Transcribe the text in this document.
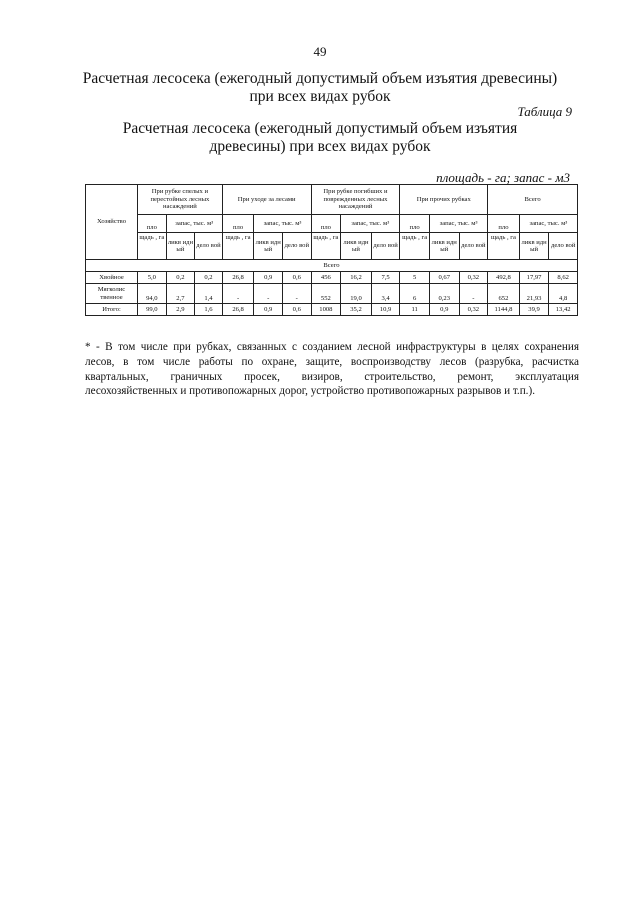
49
Расчетная лесосека (ежегодный допустимый объем изъятия древесины)
при всех видах рубок
Таблица 9
Расчетная лесосека (ежегодный допустимый объем изъятия
древесины) при всех видах рубок
площадь - га; запас - м3
Хозяйство	При рубке спелых и перестойных лесных насаждений			При уходе за лесами			При рубке погибших и поврежденных лесных насаждений			При прочих рубках			Всего		
	пло	запас, тыс. м³		пло	запас, тыс. м³		пло	запас, тыс. м³		пло	запас, тыс. м³		пло	запас, тыс. м³	
	щадь , га	ликв идн ый	дело вой	щадь , га	ликв идн ый	дело вой	щадь , га	ликв идн ый	дело вой	щадь , га	ликв идн ый	дело вой	щадь , га	ликв идн ый	дело вой
Всего															
Хвойное	5,0	0,2	0,2	26,8	0,9	0,6	456	16,2	7,5	5	0,67	0,32	492,8	17,97	8,62
Мягколис твенное	94,0	2,7	1,4	-	-	-	552	19,0	3,4	6	0,23	-	652	21,93	4,8
Итого:	99,0	2,9	1,6	26,8	0,9	0,6	1008	35,2	10,9	11	0,9	0,32	1144,8	39,9	13,42
* - В том числе при рубках, связанных с созданием лесной инфраструктуры в целях сохранения
лесов, в том числе работы по охране, защите, воспроизводству лесов (разрубка, расчистка
квартальных, граничных просек, визиров, строительство, ремонт, эксплуатация
лесохозяйственных и противопожарных дорог, устройство противопожарных разрывов и т.п.).
